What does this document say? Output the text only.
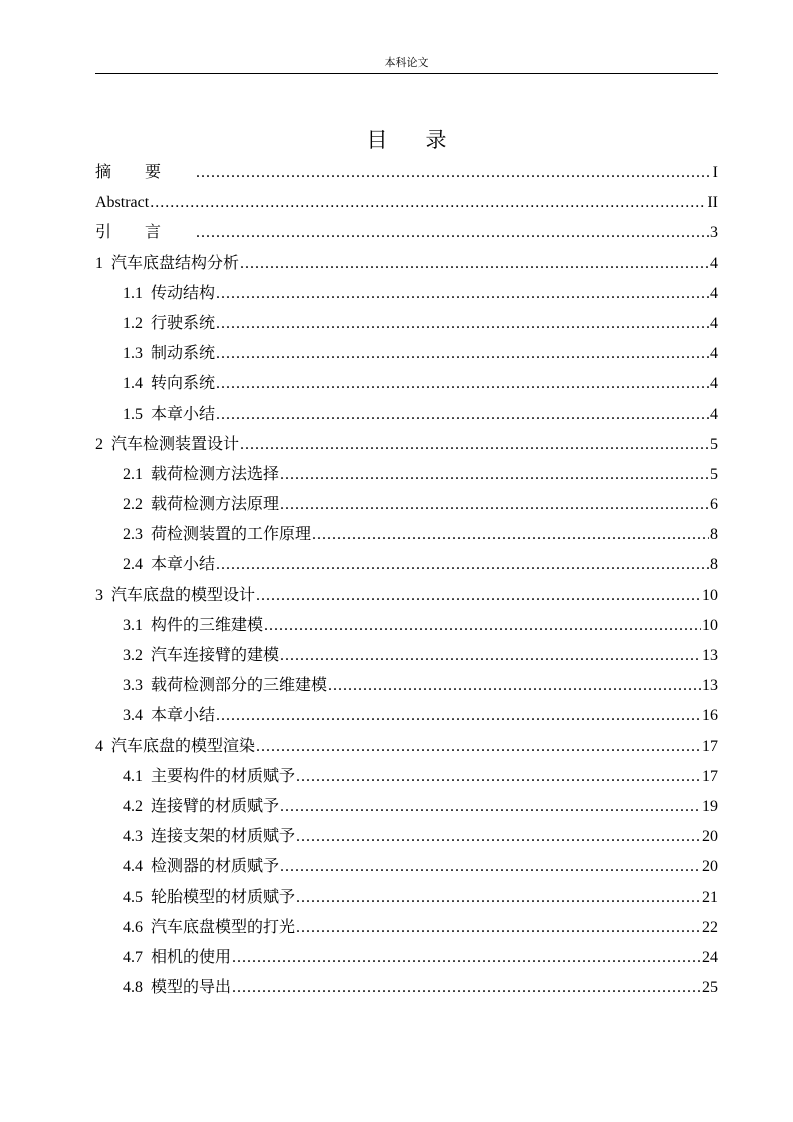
本科论文
目录
摘要 .....	I
Abstract .....	II
引言 .....	3
1 汽车底盘结构分析 .....	4
1.1 传动结构 .....	4
1.2 行驶系统 .....	4
1.3 制动系统 .....	4
1.4 转向系统 .....	4
1.5 本章小结 .....	4
2 汽车检测装置设计 .....	5
2.1 载荷检测方法选择 .....	5
2.2 载荷检测方法原理 .....	6
2.3 荷检测装置的工作原理 .....	8
2.4 本章小结 .....	8
3 汽车底盘的模型设计 .....	10
3.1 构件的三维建模 .....	10
3.2 汽车连接臂的建模 .....	13
3.3 载荷检测部分的三维建模 .....	13
3.4 本章小结 .....	16
4 汽车底盘的模型渲染 .....	17
4.1 主要构件的材质赋予 .....	17
4.2 连接臂的材质赋予 .....	19
4.3 连接支架的材质赋予 .....	20
4.4 检测器的材质赋予 .....	20
4.5 轮胎模型的材质赋予 .....	21
4.6 汽车底盘模型的打光 .....	22
4.7 相机的使用 .....	24
4.8 模型的导出 .....	25
